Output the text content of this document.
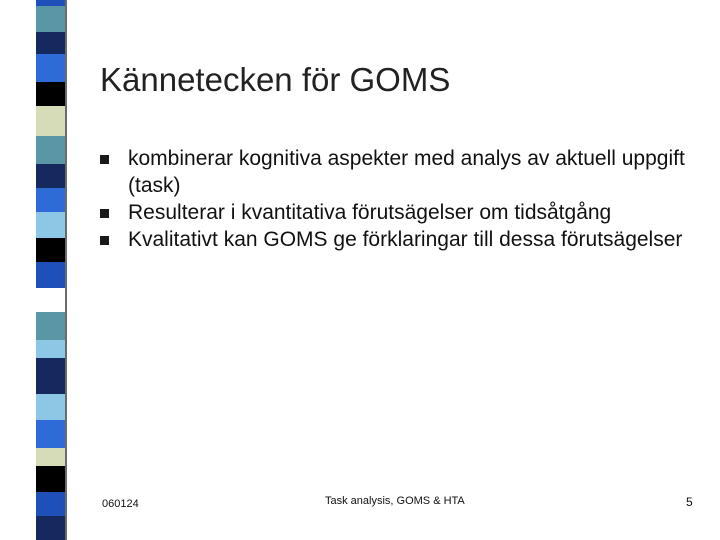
Kännetecken för GOMS
kombinerar kognitiva aspekter med analys av aktuell uppgift (task)
Resulterar i kvantitativa förutsägelser om tidsåtgång
Kvalitativt kan GOMS ge förklaringar till dessa förutsägelser
060124	Task analysis, GOMS & HTA	5
